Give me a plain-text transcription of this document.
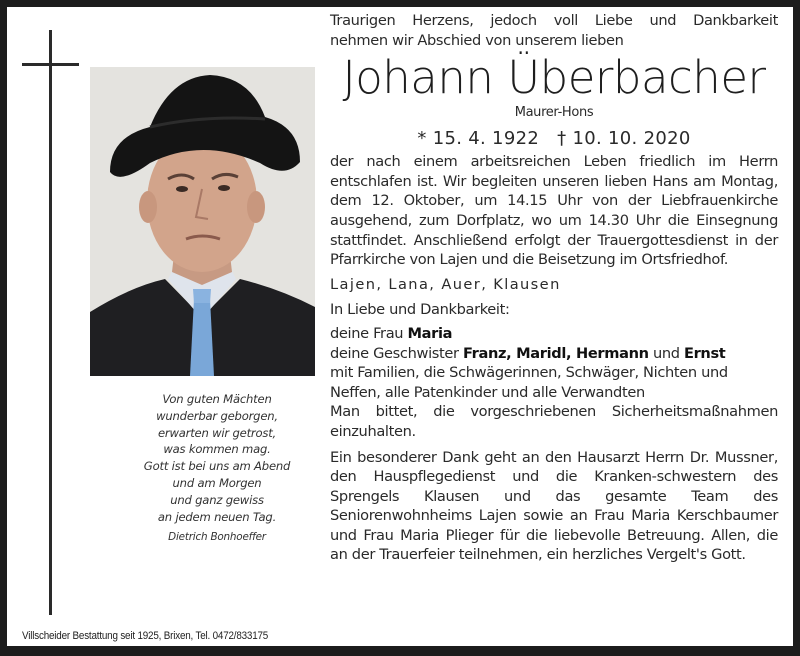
Von guten Mächten
wunderbar geborgen,
erwarten wir getrost,
was kommen mag.
Gott ist bei uns am Abend
und am Morgen
und ganz gewiss
an jedem neuen Tag.
Dietrich Bonhoeffer
Villscheider Bestattung seit 1925, Brixen, Tel. 0472/833175
Traurigen Herzens, jedoch voll Liebe und Dankbarkeit
nehmen wir Abschied von unserem lieben
Johann Überbacher
Maurer-Hons
* 15. 4. 1922 † 10. 10. 2020
der nach einem arbeitsreichen Leben friedlich im Herrn entschlafen ist. Wir begleiten unseren lieben Hans am Montag, dem 12. Oktober, um 14.15 Uhr von der Liebfrauenkirche ausgehend, zum Dorfplatz, wo um 14.30 Uhr die Einsegnung stattfindet. Anschließend erfolgt der Trauergottesdienst in der Pfarrkirche von Lajen und die Beisetzung im Ortsfriedhof.
Lajen, Lana, Auer, Klausen
In Liebe und Dankbarkeit:
deine Frau Maria
deine Geschwister Franz, Maridl, Hermann und Ernst
mit Familien, die Schwägerinnen, Schwäger, Nichten und
Neffen, alle Patenkinder und alle Verwandten
Man bittet, die vorgeschriebenen Sicherheitsmaßnahmen einzuhalten.
Ein besonderer Dank geht an den Hausarzt Herrn Dr. Mussner, den Hauspflegedienst und die Kranken-schwestern des Sprengels Klausen und das gesamte Team des Seniorenwohnheims Lajen sowie an Frau Maria Kerschbaumer und Frau Maria Plieger für die liebevolle Betreuung. Allen, die an der Trauerfeier teilnehmen, ein herzliches Vergelt's Gott.
